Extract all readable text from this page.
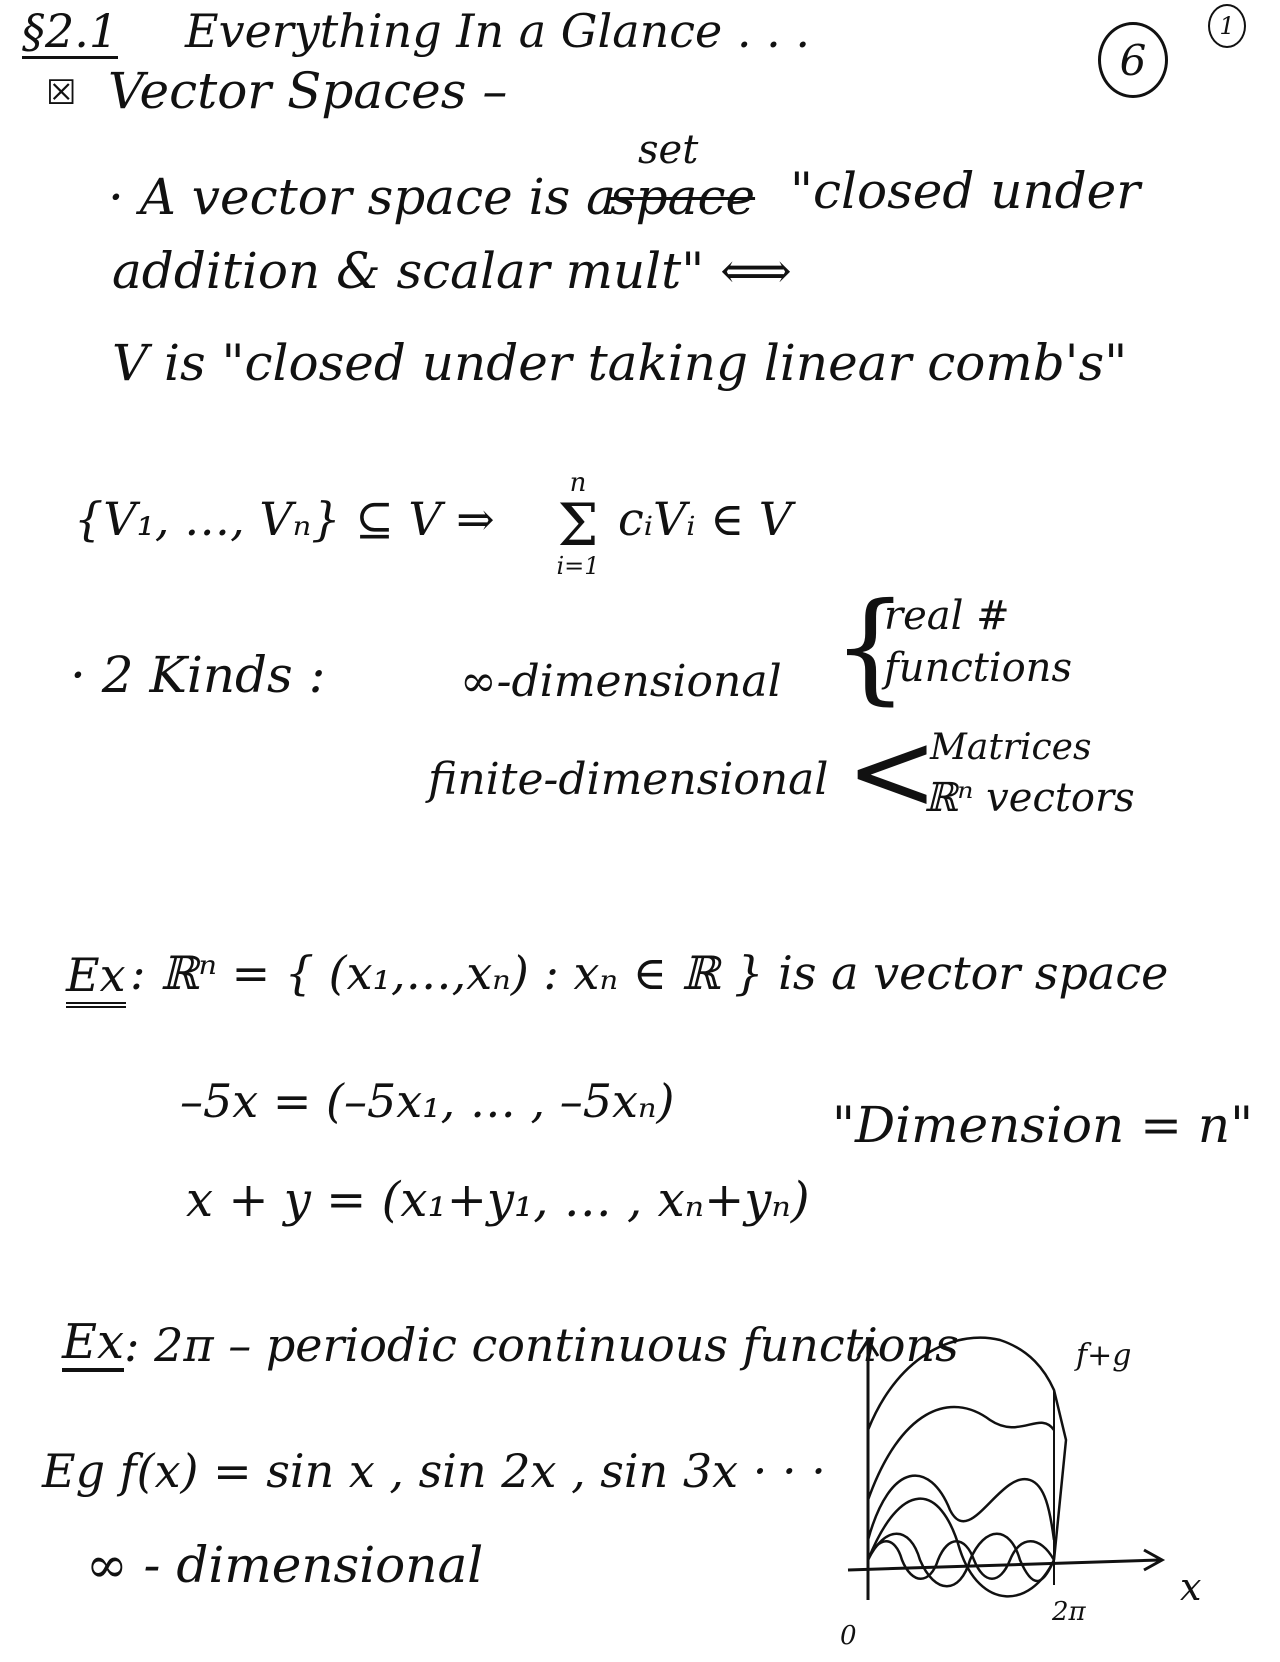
§2.1 Everything In a Glance . . .
6
1
☒ Vector Spaces –
· A vector space is a
set
space "closed under
addition & scalar mult" ⟺
V is "closed under taking linear comb's"
{V₁, …, Vₙ} ⊆ V ⇒
n
Σ
i=1
cᵢVᵢ ∈ V
· 2 Kinds :	∞-dimensional {
real #
functions
finite-dimensional <
Matrices
ℝⁿ vectors
Ex : ℝⁿ = { (x₁,…,xₙ) : xₙ ∈ ℝ } is a vector space
–5x = (–5x₁, … , –5xₙ)	"Dimension = n"
x + y = (x₁+y₁, … , xₙ+yₙ)
Ex : 2π – periodic continuous functions
Eg f(x) = sin x , sin 2x , sin 3x · · ·
∞ - dimensional
f+g
x
2π
0
